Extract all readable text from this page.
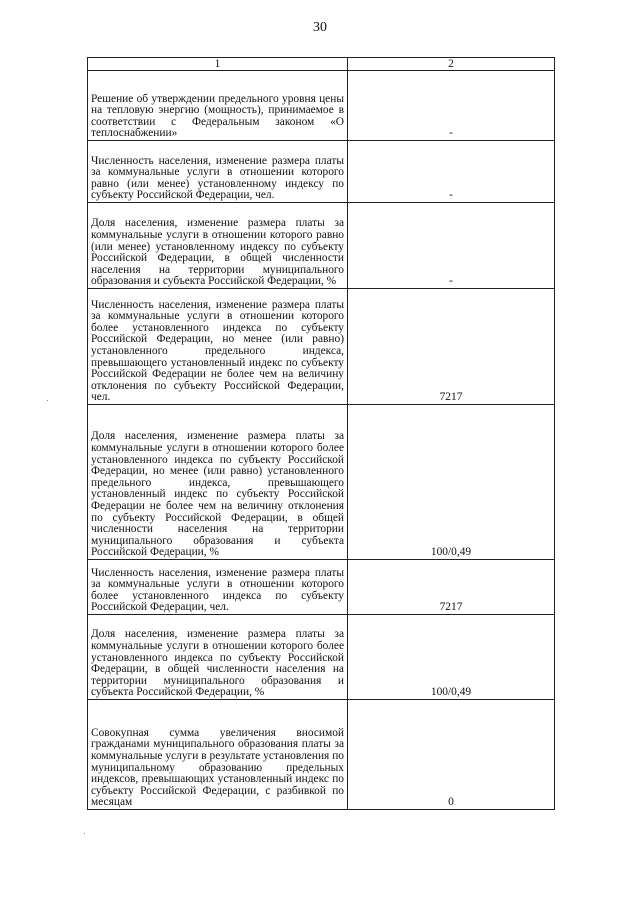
30
1	2
Решение об утверждении предельного уровня цены на тепловую энергию (мощность), принимаемое в соответствии с Федеральным законом «О теплоснабжении»	-
Численность населения, изменение размера платы за коммунальные услуги в отношении которого равно (или менее) установленному индексу по субъекту Российской Федерации, чел.	-
Доля населения, изменение размера платы за коммунальные услуги в отношении которого равно (или менее) установленному индексу по субъекту Российской Федерации, в общей численности населения на территории муниципального образования и субъекта Российской Федерации, %	-
Численность населения, изменение размера платы за коммунальные услуги в отношении которого более установленного индекса по субъекту Российской Федерации, но менее (или равно) установленного предельного индекса, превышающего установленный индекс по субъекту Российской Федерации не более чем на величину отклонения по субъекту Российской Федерации, чел.	7217
Доля населения, изменение размера платы за коммунальные услуги в отношении которого более установленного индекса по субъекту Российской Федерации, но менее (или равно) установленного предельного индекса, превышающего установленный индекс по субъекту Российской Федерации не более чем на величину отклонения по субъекту Российской Федерации, в общей численности населения на территории муниципального образования и субъекта Российской Федерации, %	100/0,49
Численность населения, изменение размера платы за коммунальные услуги в отношении которого более установленного индекса по субъекту Российской Федерации, чел.	7217
Доля населения, изменение размера платы за коммунальные услуги в отношении которого более установленного индекса по субъекту Российской Федерации, в общей численности населения на территории муниципального образования и субъекта Российской Федерации, %	100/0,49
Совокупная сумма увеличения вносимой гражданами муниципального образования платы за коммунальные услуги в результате установления по муниципальному образованию предельных индексов, превышающих установленный индекс по субъекту Российской Федерации, с разбивкой по месяцам	0
